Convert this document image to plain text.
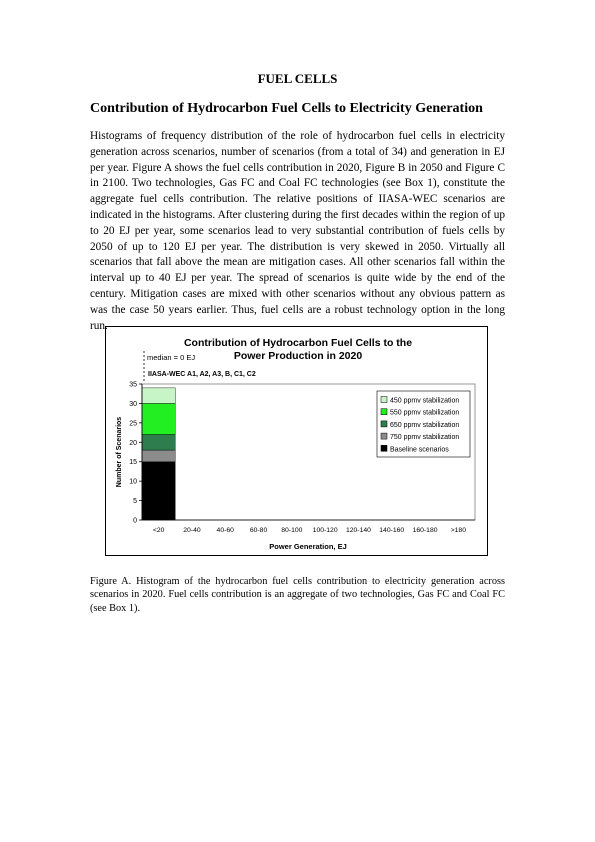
FUEL CELLS
Contribution of Hydrocarbon Fuel Cells to Electricity Generation
Histograms of frequency distribution of the role of hydrocarbon fuel cells in electricity generation across scenarios, number of scenarios (from a total of 34) and generation in EJ per year. Figure A shows the fuel cells contribution in 2020, Figure B in 2050 and Figure C in 2100. Two technologies, Gas FC and Coal FC technologies (see Box 1), constitute the aggregate fuel cells contribution. The relative positions of IIASA-WEC scenarios are indicated in the histograms. After clustering during the first decades within the region of up to 20 EJ per year, some scenarios lead to very substantial contribution of fuels cells by 2050 of up to 120 EJ per year. The distribution is very skewed in 2050. Virtually all scenarios that fall above the mean are mitigation cases. All other scenarios fall within the interval up to 40 EJ per year. The spread of scenarios is quite wide by the end of the century. Mitigation cases are mixed with other scenarios without any obvious pattern as was the case 50 years earlier. Thus, fuel cells are a robust technology option in the long run.
Contribution of Hydrocarbon Fuel Cells to the
Power Production in 2020
median = 0 EJ
IIASA-WEC A1, A2, A3, B, C1, C2
0
5
10
15
20
25
30
35
<20	20-40 40-60 60-80 80-100 100-120 120-140 140-160 160-180 >180
450 ppmv stabilization
550 ppmv stabilization
650 ppmv stabilization
750 ppmv stabilization
Baseline scenarios
Number of Scenarios
Power Generation, EJ
Figure A. Histogram of the hydrocarbon fuel cells contribution to electricity generation across scenarios in 2020. Fuel cells contribution is an aggregate of two technologies, Gas FC and Coal FC (see Box 1).
